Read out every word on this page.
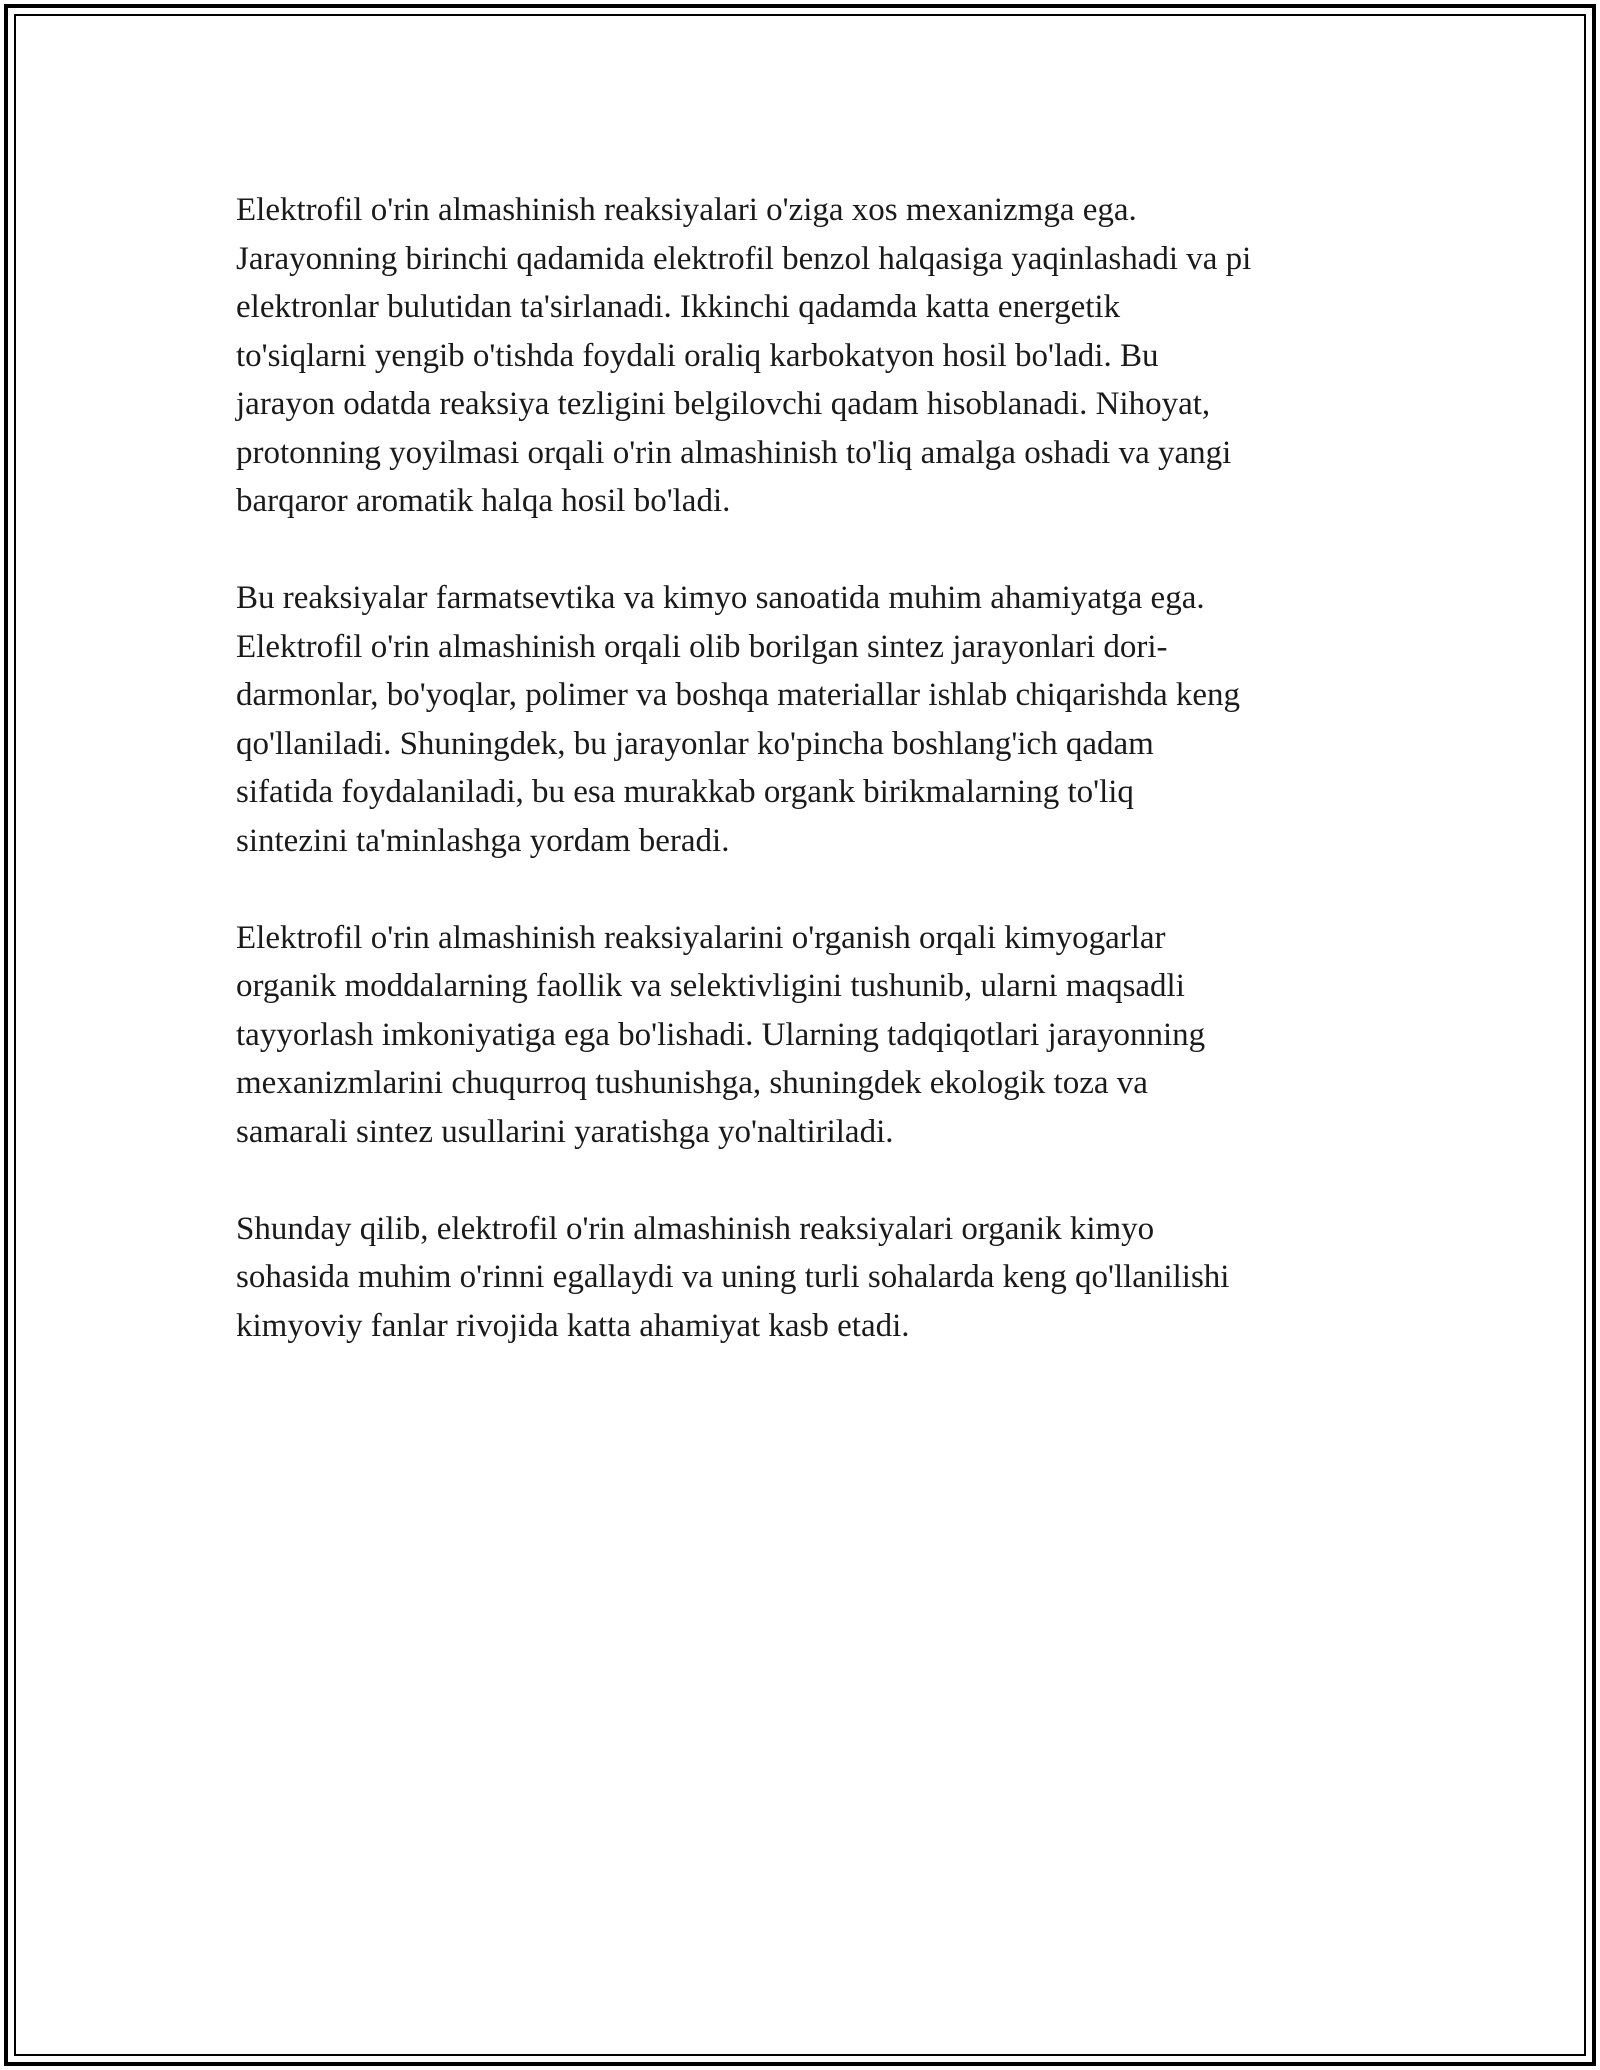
Elektrofil o'rin almashinish reaksiyalari o'ziga xos mexanizmga ega.
Jarayonning birinchi qadamida elektrofil benzol halqasiga yaqinlashadi va pi
elektronlar bulutidan ta'sirlanadi. Ikkinchi qadamda katta energetik
to'siqlarni yengib o'tishda foydali oraliq karbokatyon hosil bo'ladi. Bu
jarayon odatda reaksiya tezligini belgilovchi qadam hisoblanadi. Nihoyat,
protonning yoyilmasi orqali o'rin almashinish to'liq amalga oshadi va yangi
barqaror aromatik halqa hosil bo'ladi.

Bu reaksiyalar farmatsevtika va kimyo sanoatida muhim ahamiyatga ega.
Elektrofil o'rin almashinish orqali olib borilgan sintez jarayonlari dori-
darmonlar, bo'yoqlar, polimer va boshqa materiallar ishlab chiqarishda keng
qo'llaniladi. Shuningdek, bu jarayonlar ko'pincha boshlang'ich qadam
sifatida foydalaniladi, bu esa murakkab organk birikmalarning to'liq
sintezini ta'minlashga yordam beradi.

Elektrofil o'rin almashinish reaksiyalarini o'rganish orqali kimyogarlar
organik moddalarning faollik va selektivligini tushunib, ularni maqsadli
tayyorlash imkoniyatiga ega bo'lishadi. Ularning tadqiqotlari jarayonning
mexanizmlarini chuqurroq tushunishga, shuningdek ekologik toza va
samarali sintez usullarini yaratishga yo'naltiriladi.

Shunday qilib, elektrofil o'rin almashinish reaksiyalari organik kimyo
sohasida muhim o'rinni egallaydi va uning turli sohalarda keng qo'llanilishi
kimyoviy fanlar rivojida katta ahamiyat kasb etadi.
